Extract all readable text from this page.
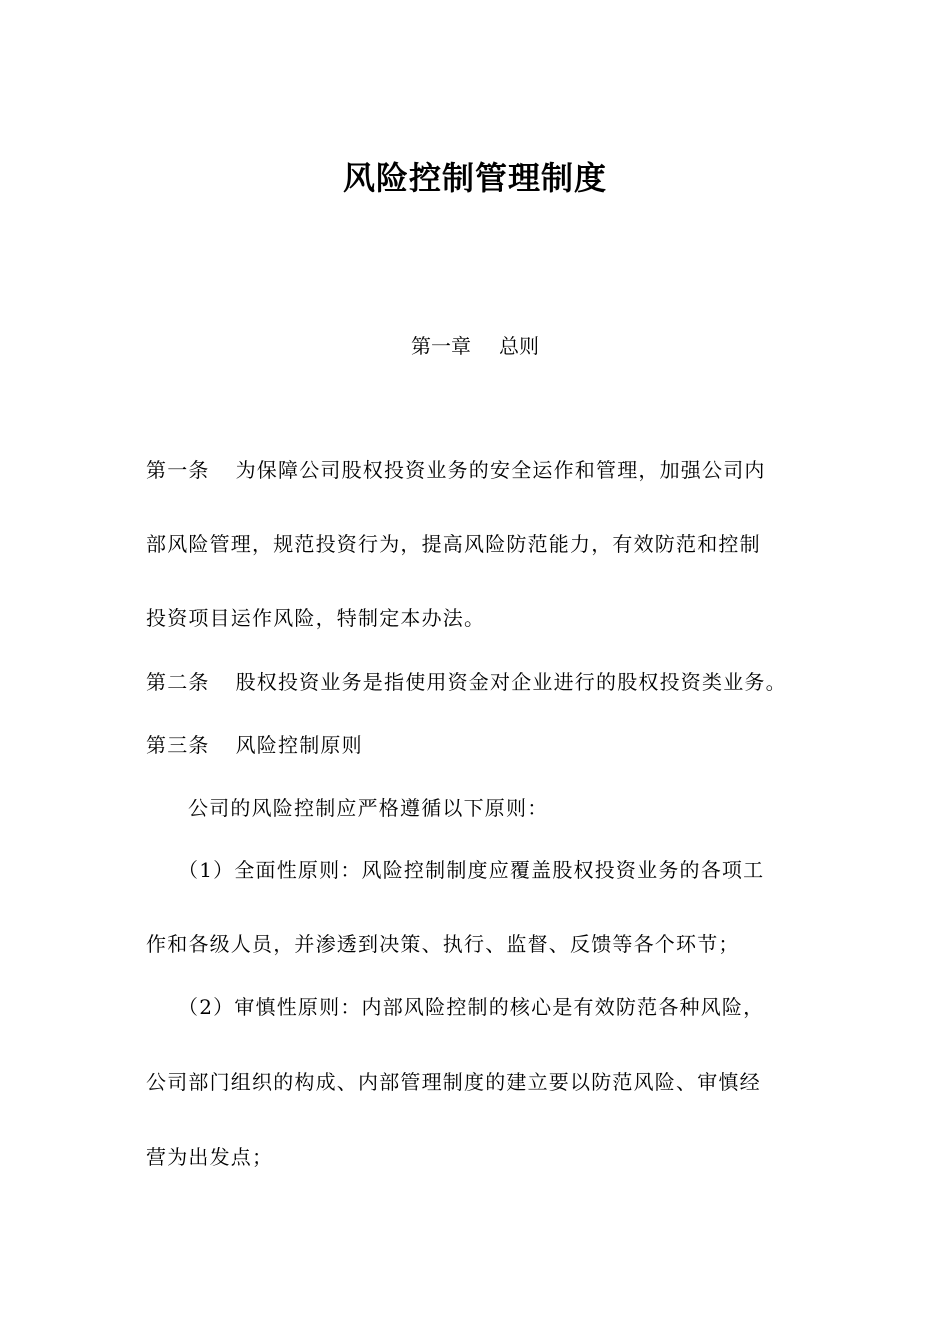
风险控制管理制度
第一章 总则

第一条 为保障公司股权投资业务的安全运作和管理，加强公司内

部风险管理，规范投资行为，提高风险防范能力，有效防范和控制

投资项目运作风险，特制定本办法。

第二条 股权投资业务是指使用资金对企业进行的股权投资类业务。

第三条 风险控制原则

公司的风险控制应严格遵循以下原则：

（1）全面性原则：风险控制制度应覆盖股权投资业务的各项工

作和各级人员，并渗透到决策、执行、监督、反馈等各个环节；

（2）审慎性原则：内部风险控制的核心是有效防范各种风险，

公司部门组织的构成、内部管理制度的建立要以防范风险、审慎经

营为出发点；
